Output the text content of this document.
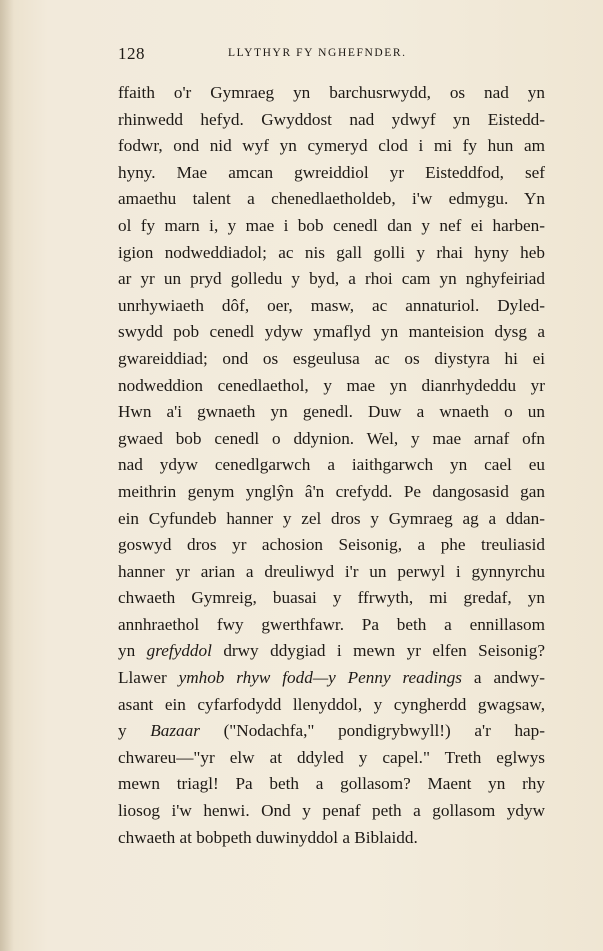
128	LLYTHYR FY NGHEFNDER.
ffaith o'r Gymraeg yn barchusrwydd, os nad yn
rhinwedd hefyd. Gwyddost nad ydwyf yn Eistedd-
fodwr, ond nid wyf yn cymeryd clod i mi fy hun am
hyny. Mae amcan gwreiddiol yr Eisteddfod, sef
amaethu talent a chenedlaetholdeb, i'w edmygu. Yn
ol fy marn i, y mae i bob cenedl dan y nef ei harben-
igion nodweddiadol; ac nis gall golli y rhai hyny heb
ar yr un pryd golledu y byd, a rhoi cam yn nghyfeiriad
unrhywiaeth dôf, oer, masw, ac annaturiol. Dyled-
swydd pob cenedl ydyw ymaflyd yn manteision dysg a
gwareiddiad; ond os esgeulusa ac os diystyra hi ei
nodweddion cenedlaethol, y mae yn dianrhydeddu yr
Hwn a'i gwnaeth yn genedl. Duw a wnaeth o un
gwaed bob cenedl o ddynion. Wel, y mae arnaf ofn
nad ydyw cenedlgarwch a iaithgarwch yn cael eu
meithrin genym ynglŷn â'n crefydd. Pe dangosasid gan
ein Cyfundeb hanner y zel dros y Gymraeg ag a ddan-
goswyd dros yr achosion Seisonig, a phe treuliasid
hanner yr arian a dreuliwyd i'r un perwyl i gynnyrchu
chwaeth Gymreig, buasai y ffrwyth, mi gredaf, yn
annhraethol fwy gwerthfawr. Pa beth a ennillasom
yn grefyddol drwy ddygiad i mewn yr elfen Seisonig?
Llawer ymhob rhyw fodd—y Penny readings a andwy-
asant ein cyfarfodydd llenyddol, y cyngherdd gwagsaw,
y Bazaar ("Nodachfa," pondigrybwyll!) a'r hap-
chwareu—"yr elw at ddyled y capel." Treth eglwys
mewn triagl! Pa beth a gollasom? Maent yn rhy
liosog i'w henwi. Ond y penaf peth a gollasom ydyw
chwaeth at bobpeth duwinyddol a Biblaidd.
